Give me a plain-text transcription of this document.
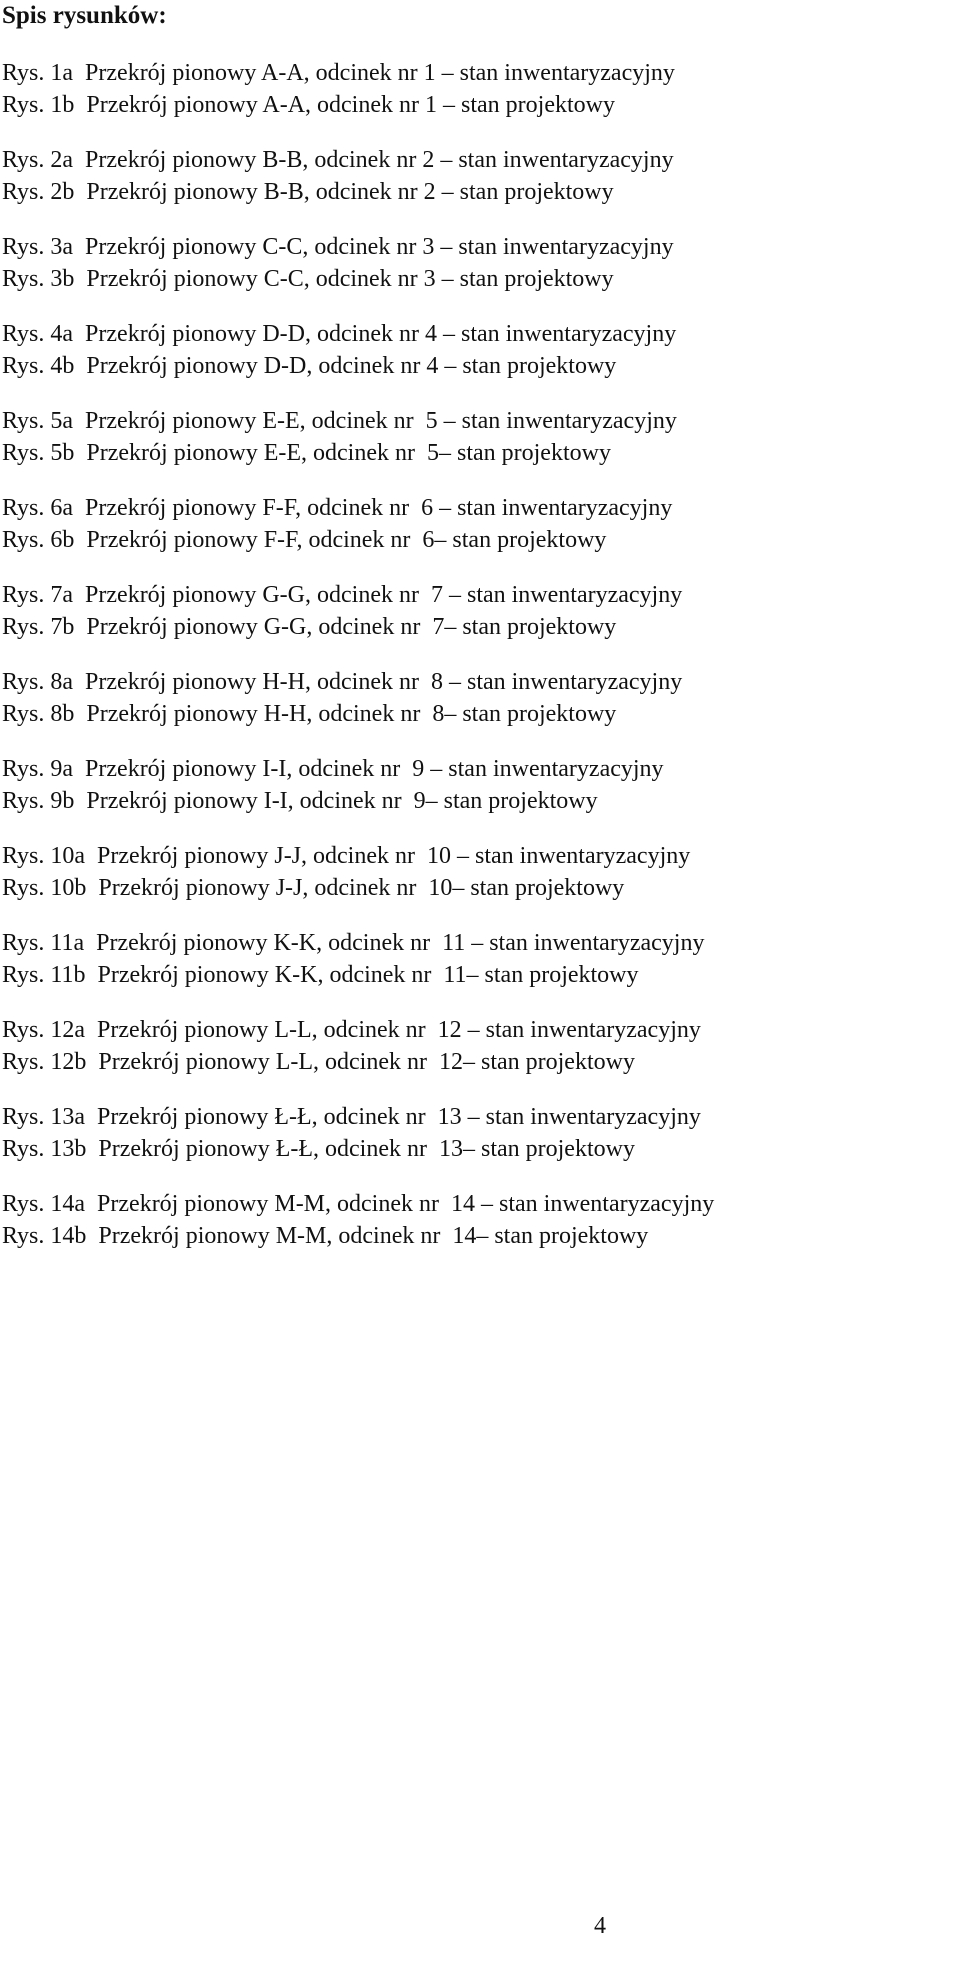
Spis rysunków:
Rys. 1a Przekrój pionowy A-A, odcinek nr 1 – stan inwentaryzacyjny
Rys. 1b Przekrój pionowy A-A, odcinek nr 1 – stan projektowy
Rys. 2a Przekrój pionowy B-B, odcinek nr 2 – stan inwentaryzacyjny
Rys. 2b Przekrój pionowy B-B, odcinek nr 2 – stan projektowy
Rys. 3a Przekrój pionowy C-C, odcinek nr 3 – stan inwentaryzacyjny
Rys. 3b Przekrój pionowy C-C, odcinek nr 3 – stan projektowy
Rys. 4a Przekrój pionowy D-D, odcinek nr 4 – stan inwentaryzacyjny
Rys. 4b Przekrój pionowy D-D, odcinek nr 4 – stan projektowy
Rys. 5a Przekrój pionowy E-E, odcinek nr  5 – stan inwentaryzacyjny
Rys. 5b Przekrój pionowy E-E, odcinek nr  5– stan projektowy
Rys. 6a Przekrój pionowy F-F, odcinek nr  6 – stan inwentaryzacyjny
Rys. 6b Przekrój pionowy F-F, odcinek nr  6– stan projektowy
Rys. 7a Przekrój pionowy G-G, odcinek nr  7 – stan inwentaryzacyjny
Rys. 7b Przekrój pionowy G-G, odcinek nr  7– stan projektowy
Rys. 8a Przekrój pionowy H-H, odcinek nr  8 – stan inwentaryzacyjny
Rys. 8b Przekrój pionowy H-H, odcinek nr  8– stan projektowy
Rys. 9a Przekrój pionowy I-I, odcinek nr  9 – stan inwentaryzacyjny
Rys. 9b Przekrój pionowy I-I, odcinek nr  9– stan projektowy
Rys. 10a Przekrój pionowy J-J, odcinek nr  10 – stan inwentaryzacyjny
Rys. 10b Przekrój pionowy J-J, odcinek nr  10– stan projektowy
Rys. 11a Przekrój pionowy K-K, odcinek nr  11 – stan inwentaryzacyjny
Rys. 11b Przekrój pionowy K-K, odcinek nr  11– stan projektowy
Rys. 12a Przekrój pionowy L-L, odcinek nr  12 – stan inwentaryzacyjny
Rys. 12b Przekrój pionowy L-L, odcinek nr  12– stan projektowy
Rys. 13a Przekrój pionowy Ł-Ł, odcinek nr  13 – stan inwentaryzacyjny
Rys. 13b Przekrój pionowy Ł-Ł, odcinek nr  13– stan projektowy
Rys. 14a Przekrój pionowy M-M, odcinek nr  14 – stan inwentaryzacyjny
Rys. 14b Przekrój pionowy M-M, odcinek nr  14– stan projektowy
4
